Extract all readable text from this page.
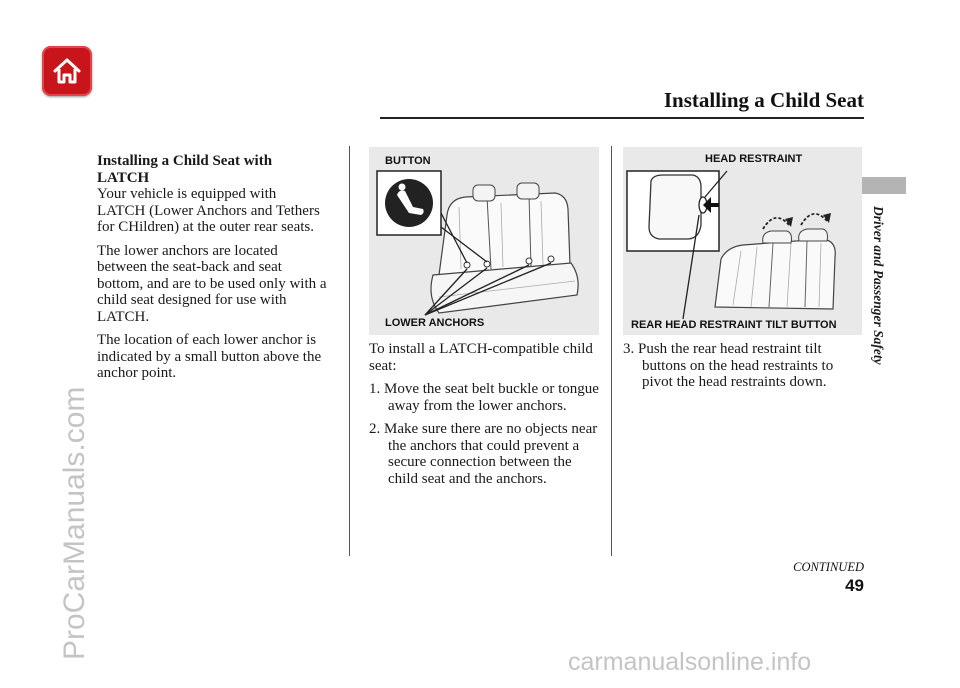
Installing a Child Seat
Driver and Passenger Safety
Installing a Child Seat with LATCH

Your vehicle is equipped with LATCH (Lower Anchors and Tethers for CHildren) at the outer rear seats.

The lower anchors are located between the seat-back and seat bottom, and are to be used only with a child seat designed for use with LATCH.

The location of each lower anchor is indicated by a small button above the anchor point.

BUTTON
LOWER ANCHORS

To install a LATCH-compatible child seat:

1. Move the seat belt buckle or tongue away from the lower anchors.
2. Make sure there are no objects near the anchors that could prevent a secure connection between the child seat and the anchors.
HEAD RESTRAINT
REAR HEAD RESTRAINT TILT BUTTON
3. Push the rear head restraint tilt buttons on the head restraints to pivot the head restraints down.
CONTINUED
49
ProCarManuals.com
carmanualsonline.info
